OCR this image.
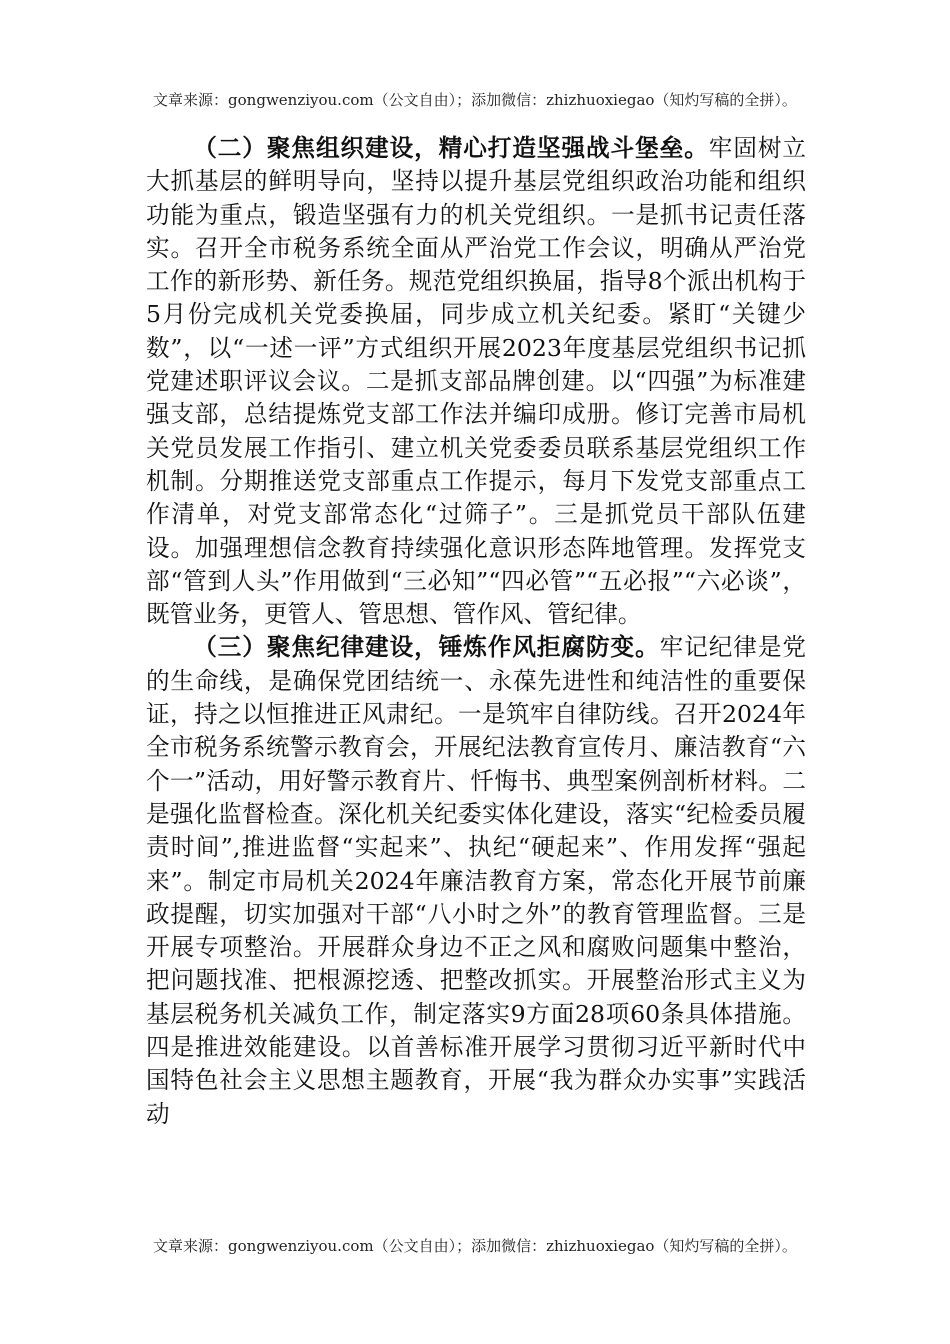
文章来源：gongwenziyou.com（公文自由）；添加微信：zhizhuoxiegao（知灼写稿的全拼）。

（二）聚焦组织建设，精心打造坚强战斗堡垒。牢固树立大抓基层的鲜明导向，坚持以提升基层党组织政治功能和组织功能为重点，锻造坚强有力的机关党组织。一是抓书记责任落实。召开全市税务系统全面从严治党工作会议，明确从严治党工作的新形势、新任务。规范党组织换届，指导8个派出机构于5月份完成机关党委换届，同步成立机关纪委。紧盯“关键少数”，以“一述一评”方式组织开展2023年度基层党组织书记抓党建述职评议会议。二是抓支部品牌创建。以“四强”为标准建强支部，总结提炼党支部工作法并编印成册。修订完善市局机关党员发展工作指引、建立机关党委委员联系基层党组织工作机制。分期推送党支部重点工作提示，每月下发党支部重点工作清单，对党支部常态化“过筛子”。三是抓党员干部队伍建设。加强理想信念教育持续强化意识形态阵地管理。发挥党支部“管到人头”作用做到“三必知”“四必管”“五必报”“六必谈”，既管业务，更管人、管思想、管作风、管纪律。

（三）聚焦纪律建设，锤炼作风拒腐防变。牢记纪律是党的生命线，是确保党团结统一、永葆先进性和纯洁性的重要保证，持之以恒推进正风肃纪。一是筑牢自律防线。召开2024年全市税务系统警示教育会，开展纪法教育宣传月、廉洁教育“六个一”活动，用好警示教育片、忏悔书、典型案例剖析材料。二是强化监督检查。深化机关纪委实体化建设，落实“纪检委员履责时间”,推进监督“实起来”、执纪“硬起来”、作用发挥“强起来”。制定市局机关2024年廉洁教育方案，常态化开展节前廉政提醒，切实加强对干部“八小时之外”的教育管理监督。三是开展专项整治。开展群众身边不正之风和腐败问题集中整治，把问题找准、把根源挖透、把整改抓实。开展整治形式主义为基层税务机关减负工作，制定落实9方面28项60条具体措施。四是推进效能建设。以首善标准开展学习贯彻习近平新时代中国特色社会主义思想主题教育，开展“我为群众办实事”实践活动

文章来源：gongwenziyou.com（公文自由）；添加微信：zhizhuoxiegao（知灼写稿的全拼）。
